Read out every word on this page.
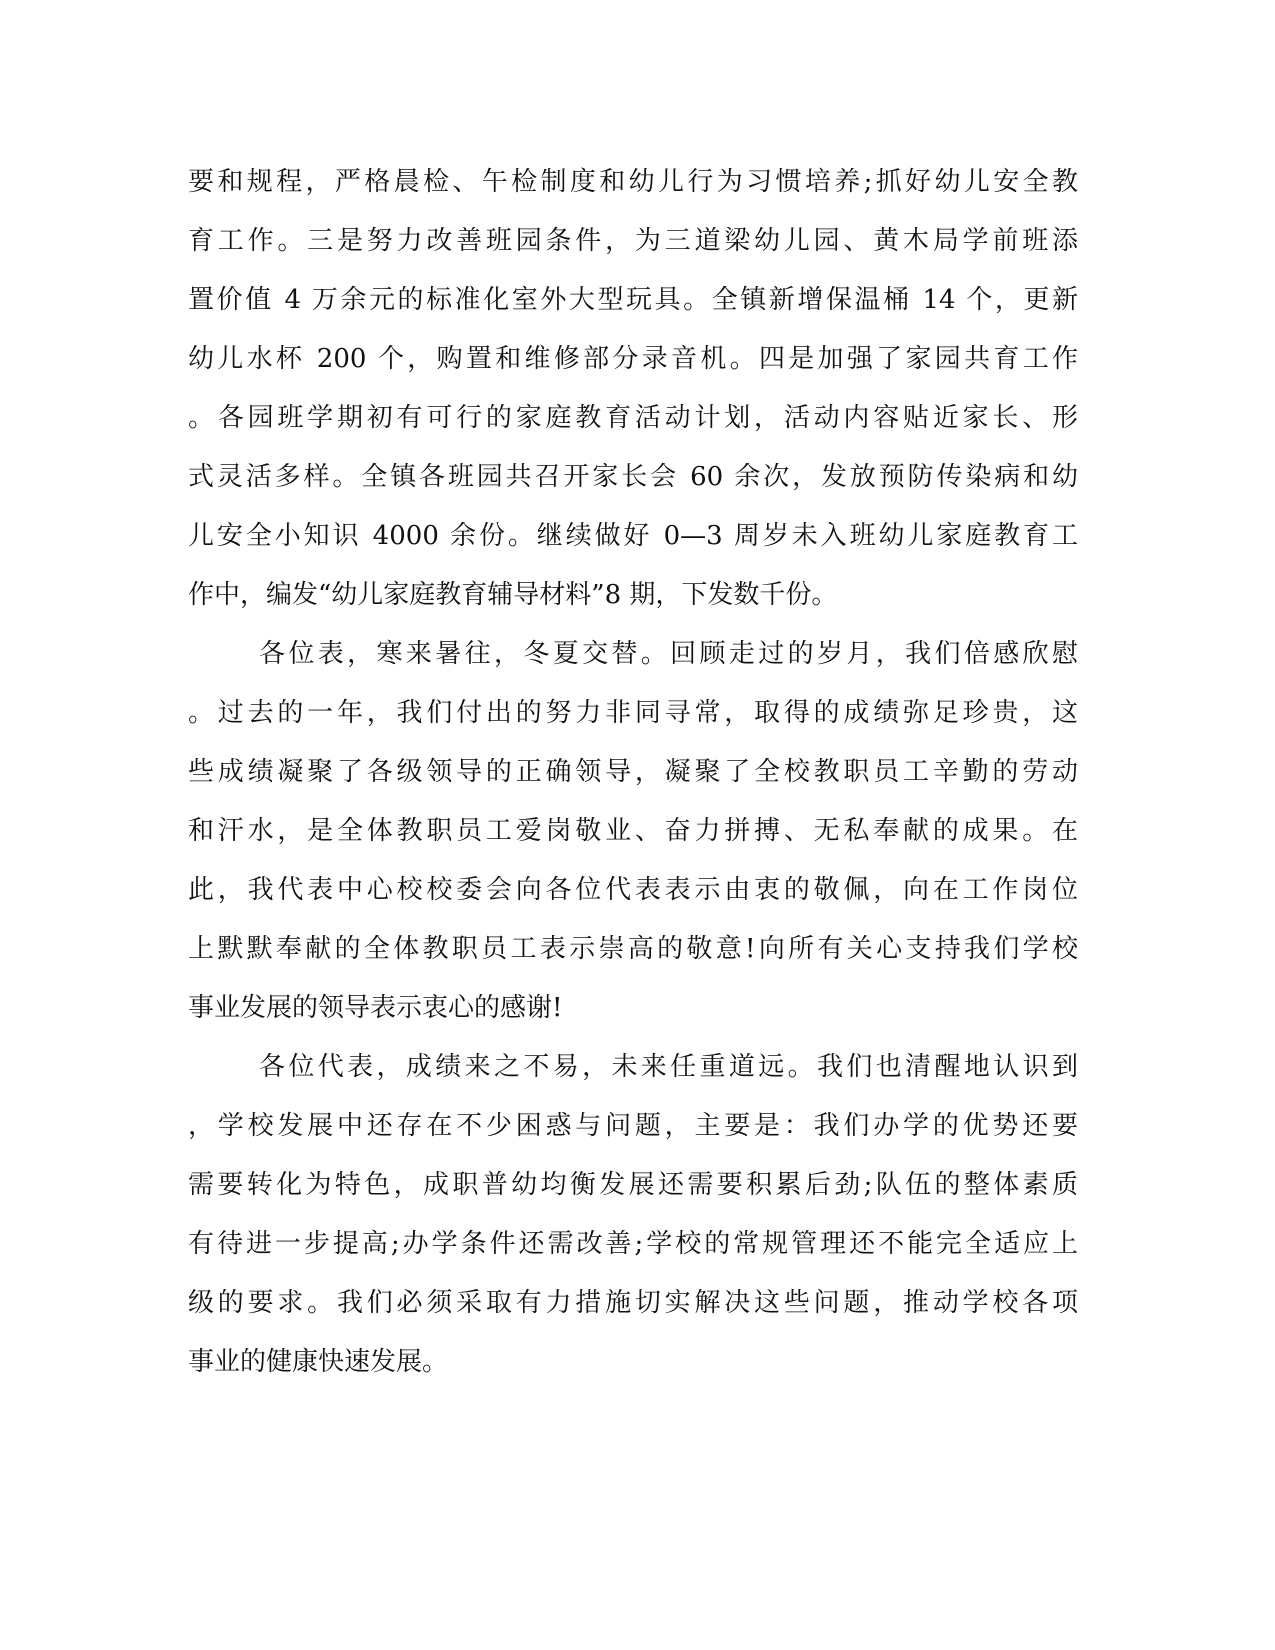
要和规程，严格晨检、午检制度和幼儿行为习惯培养;抓好幼儿安全教
育工作。三是努力改善班园条件，为三道梁幼儿园、黄木局学前班添
置价值 4 万余元的标准化室外大型玩具。全镇新增保温桶 14 个，更新
幼儿水杯 200 个，购置和维修部分录音机。四是加强了家园共育工作
。各园班学期初有可行的家庭教育活动计划，活动内容贴近家长、形
式灵活多样。全镇各班园共召开家长会 60 余次，发放预防传染病和幼
儿安全小知识 4000 余份。继续做好 0—3 周岁未入班幼儿家庭教育工
作中，编发“幼儿家庭教育辅导材料”8 期，下发数千份。
各位表，寒来暑往，冬夏交替。回顾走过的岁月，我们倍感欣慰
。过去的一年，我们付出的努力非同寻常，取得的成绩弥足珍贵，这
些成绩凝聚了各级领导的正确领导，凝聚了全校教职员工辛勤的劳动
和汗水，是全体教职员工爱岗敬业、奋力拼搏、无私奉献的成果。在
此，我代表中心校校委会向各位代表表示由衷的敬佩，向在工作岗位
上默默奉献的全体教职员工表示崇高的敬意!向所有关心支持我们学校
事业发展的领导表示衷心的感谢!
各位代表，成绩来之不易，未来任重道远。我们也清醒地认识到
，学校发展中还存在不少困惑与问题，主要是：我们办学的优势还要
需要转化为特色，成职普幼均衡发展还需要积累后劲;队伍的整体素质
有待进一步提高;办学条件还需改善;学校的常规管理还不能完全适应上
级的要求。我们必须采取有力措施切实解决这些问题，推动学校各项
事业的健康快速发展。
